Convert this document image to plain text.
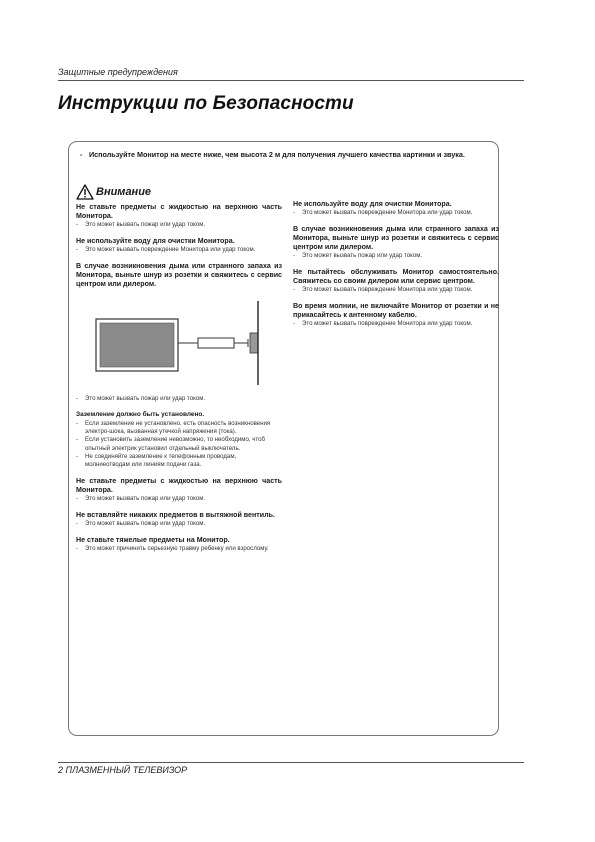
Защитные предупреждения
Инструкции по Безопасности
- Используйте Монитор на месте ниже, чем высота 2 м для получения лучшего качества картинки и звука.
Внимание

Не ставьте предметы с жидкостью на верхнюю часть Монитора.

- Это может вызвать пожар или удар током.

Не используйте воду для очистки Монитора.

- Это может вызвать повреждение Монитора или удар током.

В случае возникновения дыма или странного запаха из Монитора, выньте шнур из розетки и свяжитесь с сервис центром или дилером.

- Это может вызвать пожар или удар током.

Заземление должно быть установлено.

- Если заземление не установлено, есть опасность возникновения электро-шока, вызванная утечкой напряжения (тока).

- Если установить заземление невозможно, то необходимо, чтоб опытный электрик установил отдельный выключатель.

- Не соединяйте заземление к телефонным проводам, молниеотводам или линиям подачи газа.

Не ставьте предметы с жидкостью на верхнюю часть Монитора.

- Это может вызвать пожар или удар током.

Не вставляйте никаких предметов в вытяжной вентиль.

- Это может вызвать пожар или удар током.

Не ставьте тяжелые предметы на Монитор.

- Это может причинить серьезную травму ребенку или взрослому.

Не используйте воду для очистки Монитора.

- Это может вызвать повреждение Монитора или удар током.

В случае возникновения дыма или странного запаха из Монитора, выньте шнур из розетки и свяжитесь с сервис центром или дилером.

- Это может вызвать пожар или удар током.

Не пытайтесь обслуживать Монитор самостоятельно. Свяжитесь со своим дилером или сервис центром.

- Это может вызвать повреждение Монитора или удар током.

Во время молнии, не включайте Монитор от розетки и не прикасайтесь к антенному кабелю.

- Это может вызвать повреждение Монитора или удар током.

2 ПЛАЗМЕННЫЙ ТЕЛЕВИЗОР
